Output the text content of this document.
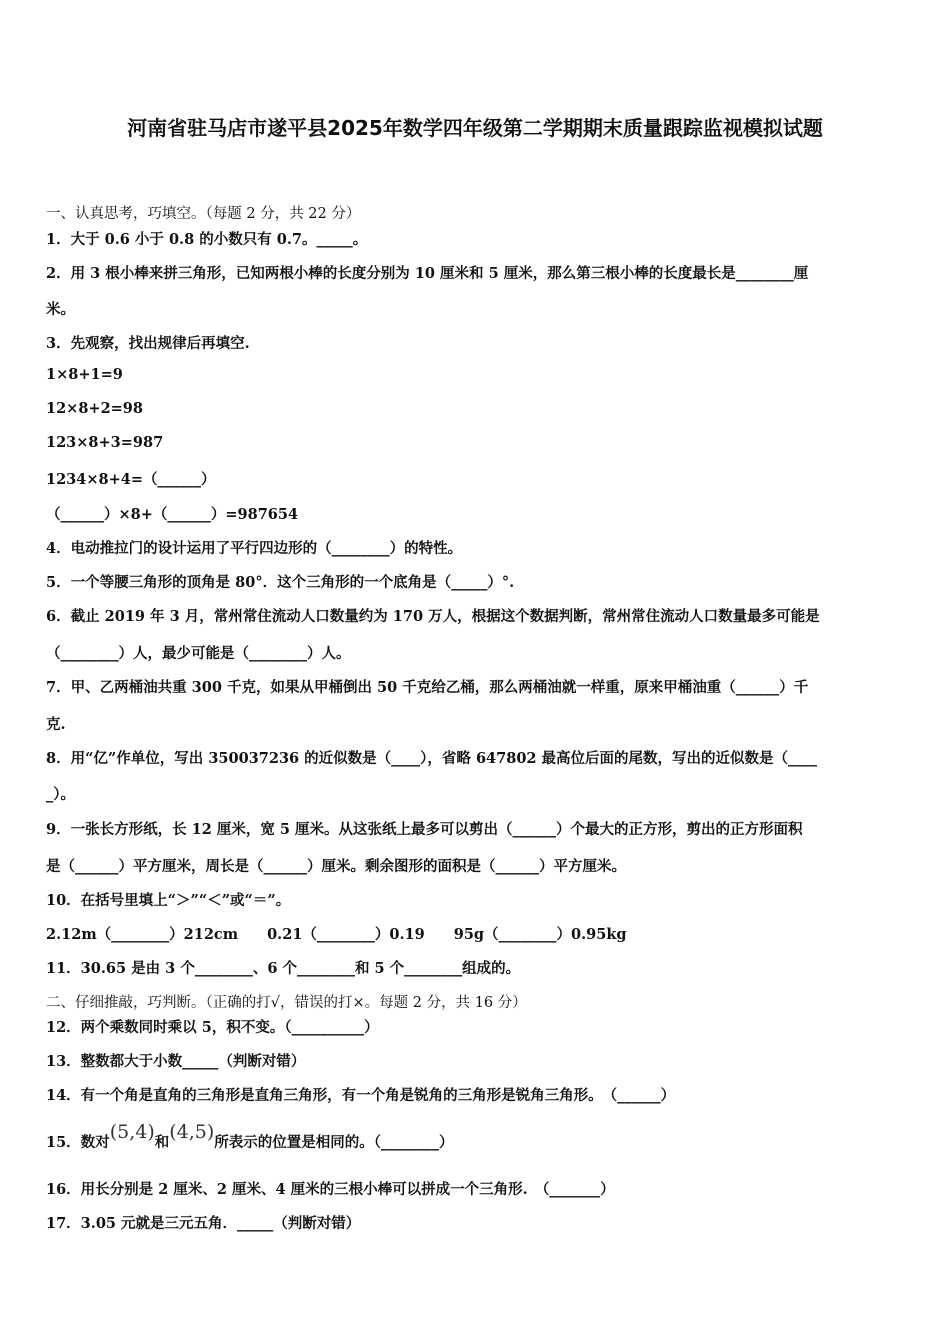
河南省驻马店市遂平县2025年数学四年级第二学期期末质量跟踪监视模拟试题
一、认真思考，巧填空。（每题 2 分，共 22 分）
1．大于 0.6 小于 0.8 的小数只有 0.7。_____。
2．用 3 根小棒来拼三角形，已知两根小棒的长度分别为 10 厘米和 5 厘米，那么第三根小棒的长度最长是________厘
米。
3．先观察，找出规律后再填空.
1×8+1=9
12×8+2=98
123×8+3=987
1234×8+4=（______）
（______）×8+（______）=987654
4．电动推拉门的设计运用了平行四边形的（________）的特性。
5．一个等腰三角形的顶角是 80°．这个三角形的一个底角是（_____）°.
6．截止 2019 年 3 月，常州常住流动人口数量约为 170 万人，根据这个数据判断，常州常住流动人口数量最多可能是
（________）人，最少可能是（________）人。
7．甲、乙两桶油共重 300 千克，如果从甲桶倒出 50 千克给乙桶，那么两桶油就一样重，原来甲桶油重（______）千
克.
8．用“亿”作单位，写出 350037236 的近似数是（____），省略 647802 最高位后面的尾数，写出的近似数是（____
_）。
9．一张长方形纸，长 12 厘米，宽 5 厘米。从这张纸上最多可以剪出（______）个最大的正方形，剪出的正方形面积
是（______）平方厘米，周长是（______）厘米。剩余图形的面积是（______）平方厘米。
10．在括号里填上“＞”“＜”或“＝”。
2.12m（________）212cm　　0.21（________）0.19　　95g（________）0.95kg
11．30.65 是由 3 个________、6 个________和 5 个________组成的。
二、仔细推敲，巧判断。（正确的打√，错误的打×。每题 2 分，共 16 分）
12．两个乘数同时乘以 5，积不变。（__________）
13．整数都大于小数_____（判断对错）
14．有一个角是直角的三角形是直角三角形，有一个角是锐角的三角形是锐角三角形。　（______）
15．数对(5,4)和(4,5)所表示的位置是相同的。（________）
16．用长分别是 2 厘米、2 厘米、4 厘米的三根小棒可以拼成一个三角形.　（_______）
17．3.05 元就是三元五角．_____（判断对错）
